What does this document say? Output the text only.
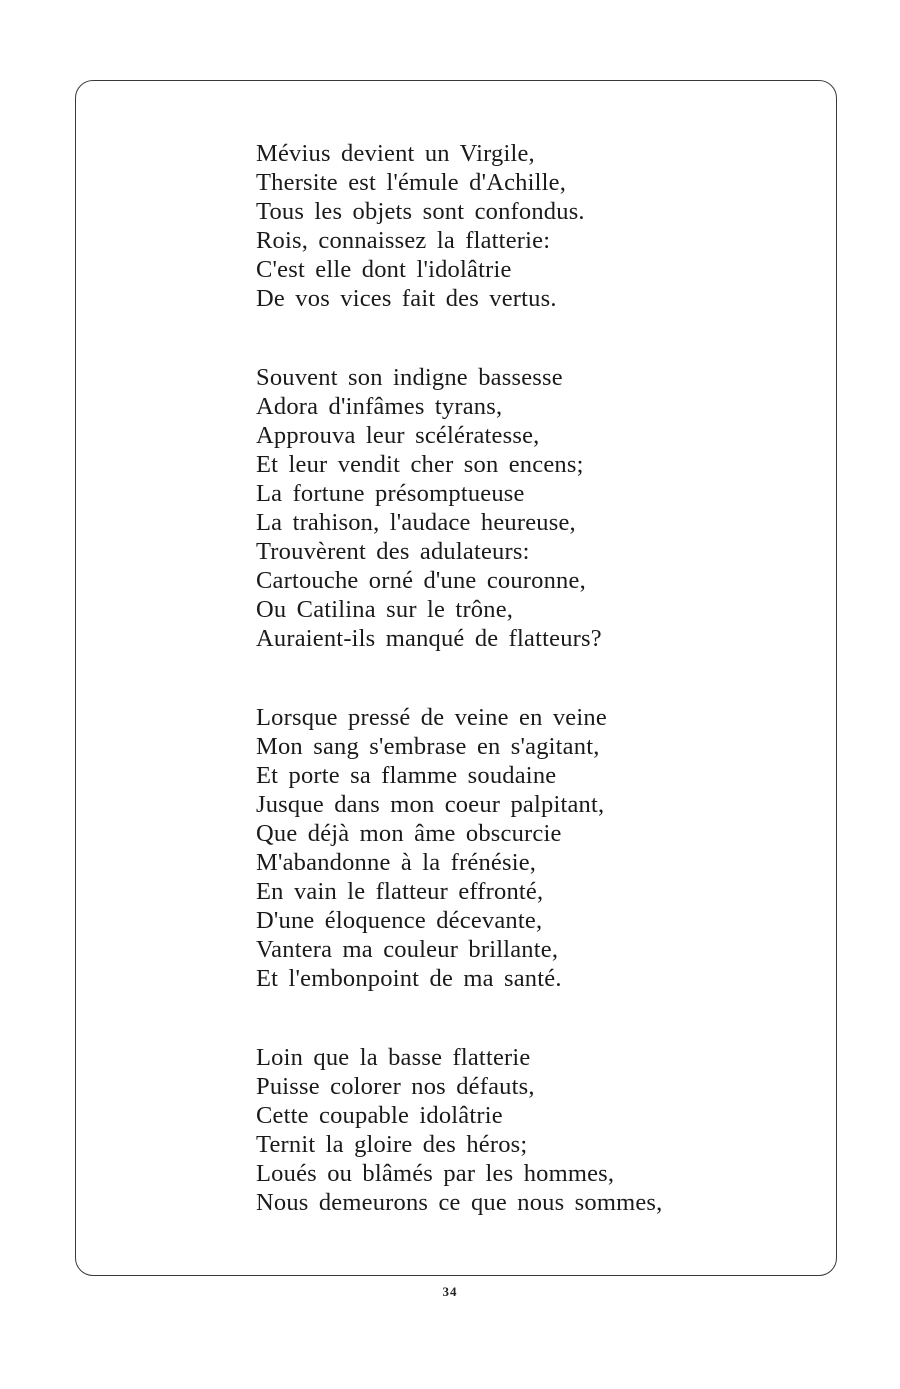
Mévius devient un Virgile,
Thersite est l'émule d'Achille,
Tous les objets sont confondus.
Rois, connaissez la flatterie:
C'est elle dont l'idolâtrie
De vos vices fait des vertus.
Souvent son indigne bassesse
Adora d'infâmes tyrans,
Approuva leur scélératesse,
Et leur vendit cher son encens;
La fortune présomptueuse
La trahison, l'audace heureuse,
Trouvèrent des adulateurs:
Cartouche orné d'une couronne,
Ou Catilina sur le trône,
Auraient-ils manqué de flatteurs?
Lorsque pressé de veine en veine
Mon sang s'embrase en s'agitant,
Et porte sa flamme soudaine
Jusque dans mon coeur palpitant,
Que déjà mon âme obscurcie
M'abandonne à la frénésie,
En vain le flatteur effronté,
D'une éloquence décevante,
Vantera ma couleur brillante,
Et l'embonpoint de ma santé.
Loin que la basse flatterie
Puisse colorer nos défauts,
Cette coupable idolâtrie
Ternit la gloire des héros;
Loués ou blâmés par les hommes,
Nous demeurons ce que nous sommes,
34
